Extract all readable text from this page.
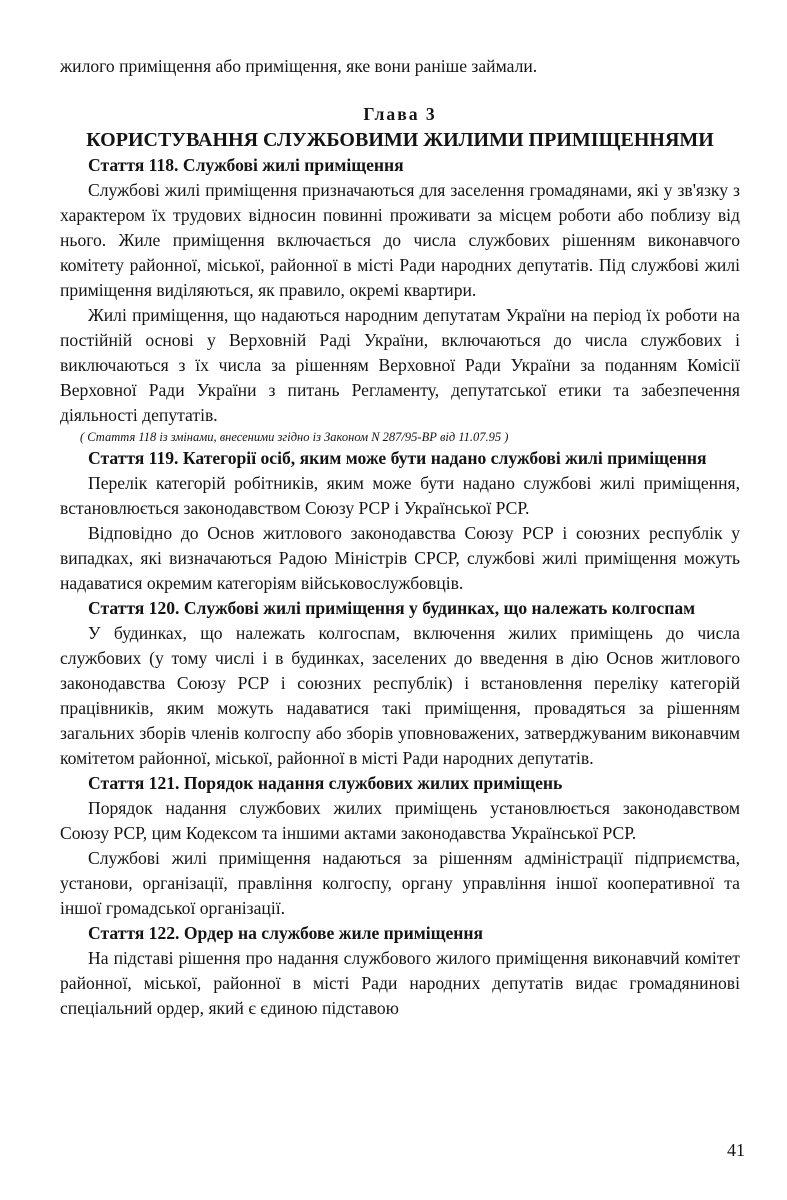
жилого приміщення або приміщення, яке вони раніше займали.

Глава 3

КОРИСТУВАННЯ СЛУЖБОВИМИ ЖИЛИМИ ПРИМІЩЕННЯМИ

Стаття 118. Службові жилі приміщення

Службові жилі приміщення призначаються для заселення громадянами, які у зв'язку з характером їх трудових відносин повинні проживати за місцем роботи або поблизу від нього. Жиле приміщення включається до числа службових рішенням виконавчого комітету районної, міської, районної в місті Ради народних депутатів. Під службові жилі приміщення виділяються, як правило, окремі квартири.

Жилі приміщення, що надаються народним депутатам України на період їх роботи на постійній основі у Верховній Раді України, включаються до числа службових і виключаються з їх числа за рішенням Верховної Ради України за поданням Комісії Верховної Ради України з питань Регламенту, депутатської етики та забезпечення діяльності депутатів.

( Стаття 118 із змінами, внесеними згідно із Законом N 287/95-ВР від 11.07.95 )

Стаття 119. Категорії осіб, яким може бути надано службові жилі приміщення

Перелік категорій робітників, яким може бути надано службові жилі приміщення, встановлюється законодавством Союзу РСР і Української РСР.

Відповідно до Основ житлового законодавства Союзу РСР і союзних республік у випадках, які визначаються Радою Міністрів СРСР, службові жилі приміщення можуть надаватися окремим категоріям військовослужбовців.

Стаття 120. Службові жилі приміщення у будинках, що належать колгоспам

У будинках, що належать колгоспам, включення жилих приміщень до числа службових (у тому числі і в будинках, заселених до введення в дію Основ житлового законодавства Союзу РСР і союзних республік) і встановлення переліку категорій працівників, яким можуть надаватися такі приміщення, провадяться за рішенням загальних зборів членів колгоспу або зборів уповноважених, затверджуваним виконавчим комітетом районної, міської, районної в місті Ради народних депутатів.

Стаття 121. Порядок надання службових жилих приміщень

Порядок надання службових жилих приміщень установлюється законодавством Союзу РСР, цим Кодексом та іншими актами законодавства Української РСР.

Службові жилі приміщення надаються за рішенням адміністрації підприємства, установи, організації, правління колгоспу, органу управління іншої кооперативної та іншої громадської організації.

Стаття 122. Ордер на службове жиле приміщення

На підставі рішення про надання службового жилого приміщення виконавчий комітет районної, міської, районної в місті Ради народних депутатів видає громадянинові спеціальний ордер, який є єдиною підставою

41
